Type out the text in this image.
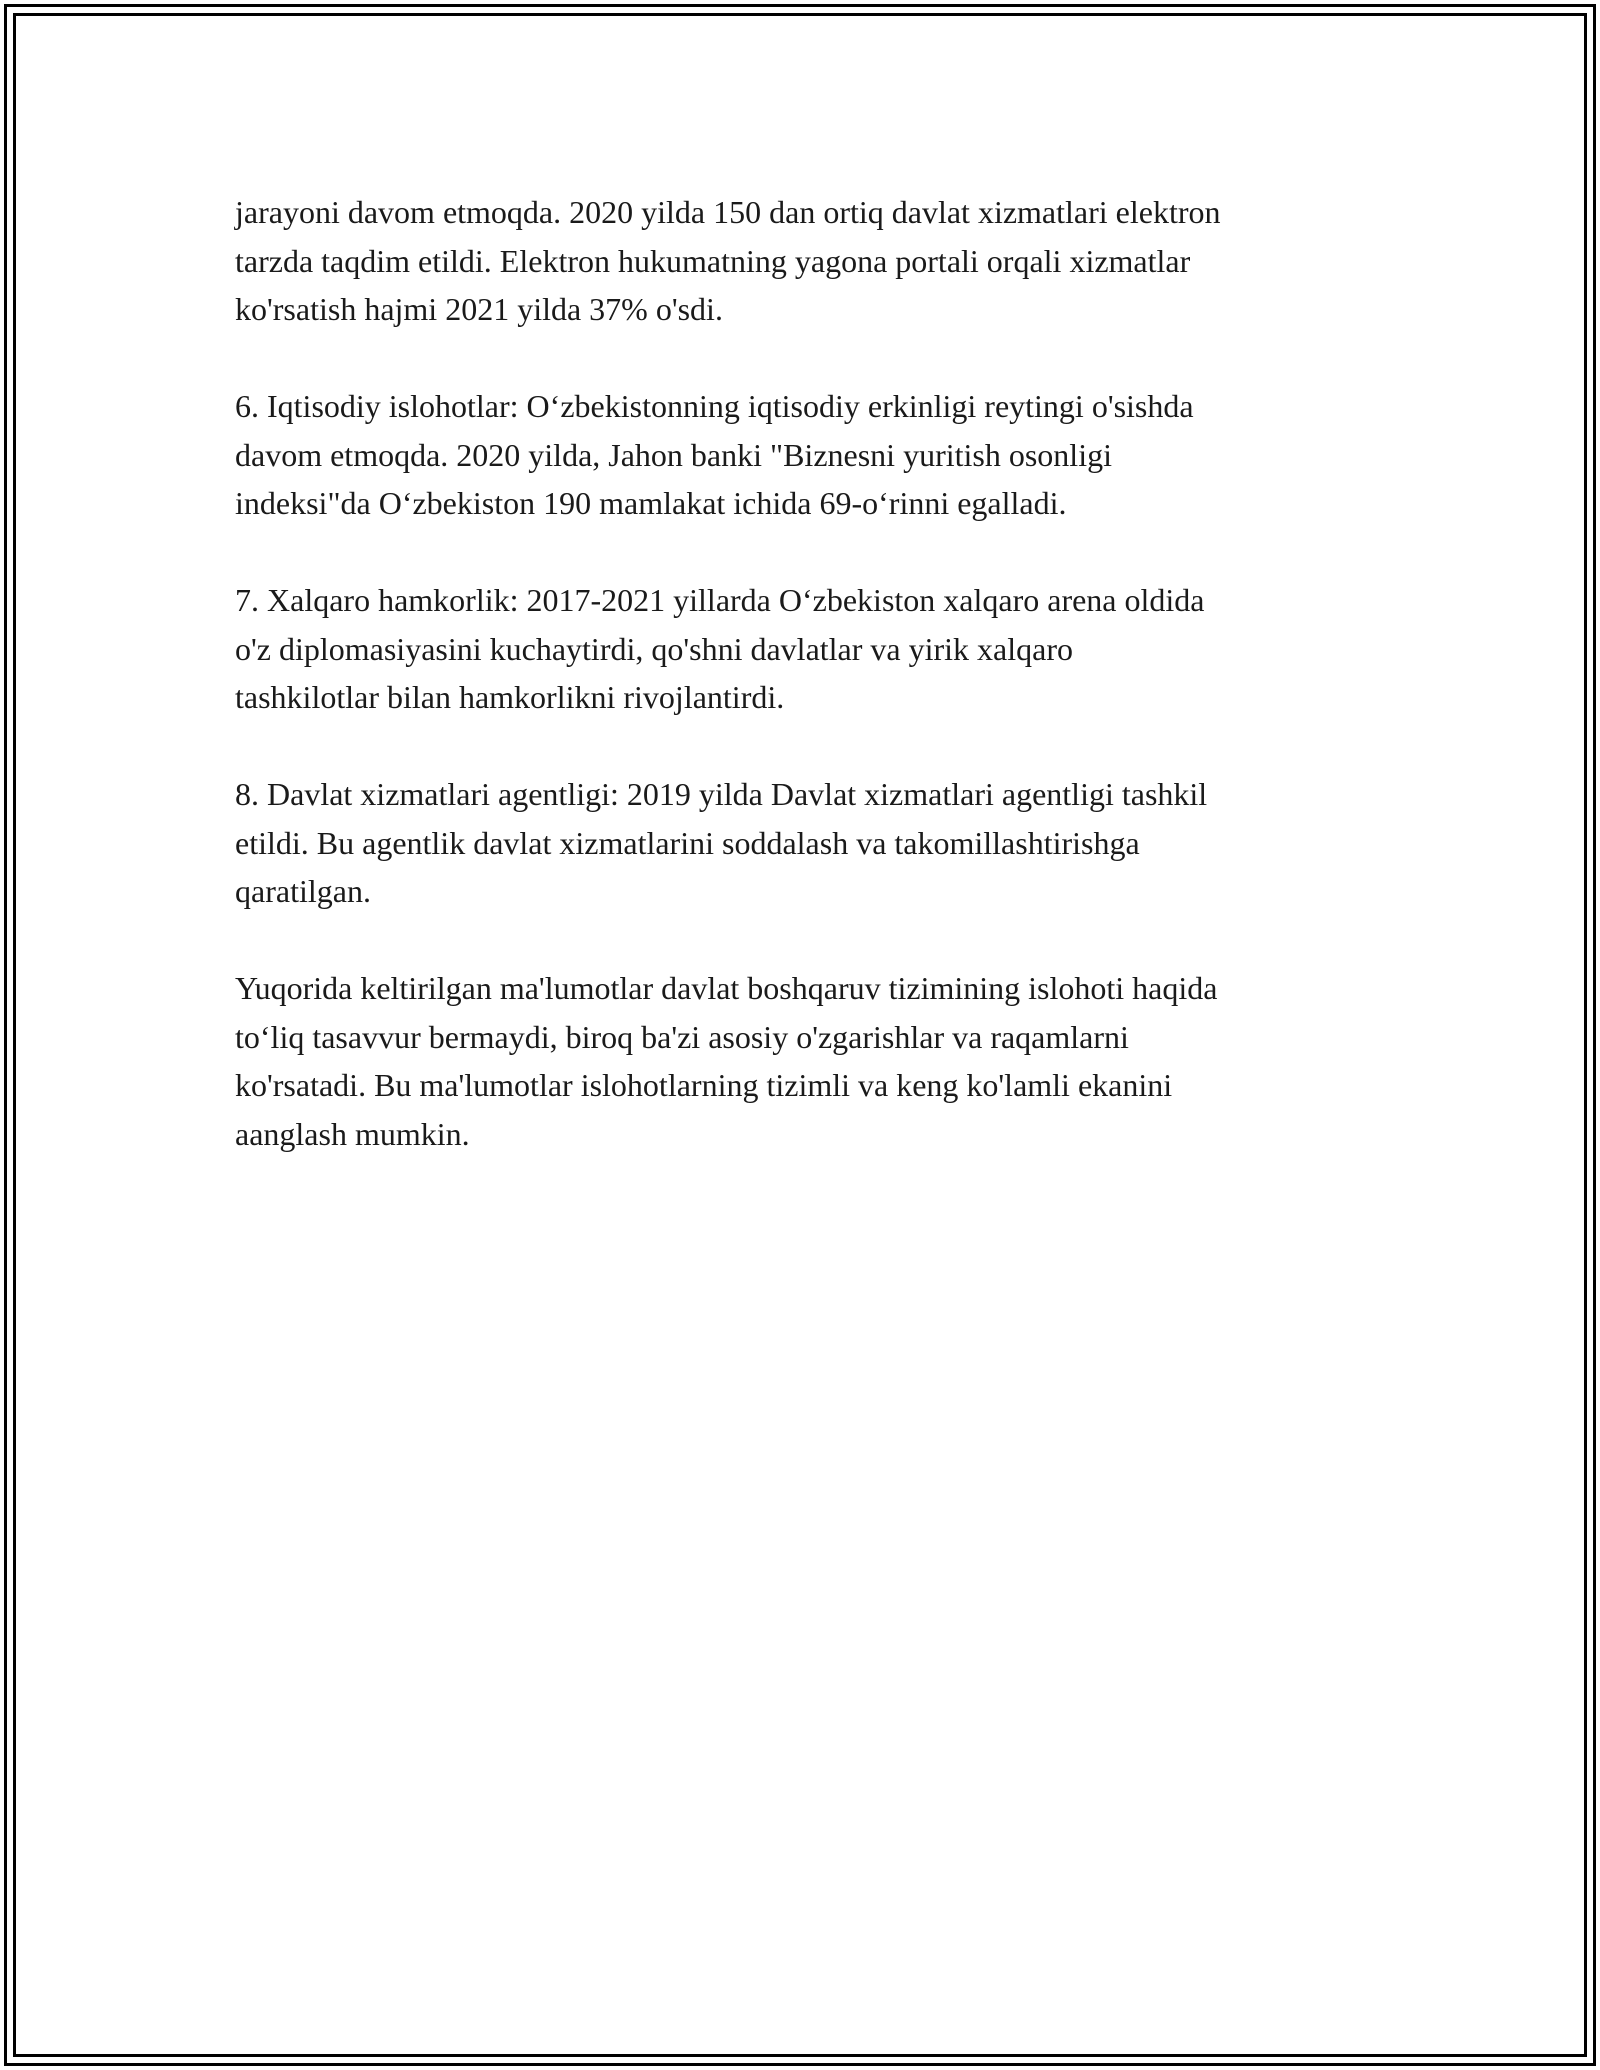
jarayoni davom etmoqda. 2020 yilda 150 dan ortiq davlat xizmatlari elektron
tarzda taqdim etildi. Elektron hukumatning yagona portali orqali xizmatlar
ko'rsatish hajmi 2021 yilda 37% o'sdi.

6. Iqtisodiy islohotlar: O‘zbekistonning iqtisodiy erkinligi reytingi o'sishda
davom etmoqda. 2020 yilda, Jahon banki "Biznesni yuritish osonligi
indeksi"da O‘zbekiston 190 mamlakat ichida 69-o‘rinni egalladi.

7. Xalqaro hamkorlik: 2017-2021 yillarda O‘zbekiston xalqaro arena oldida
o'z diplomasiyasini kuchaytirdi, qo'shni davlatlar va yirik xalqaro
tashkilotlar bilan hamkorlikni rivojlantirdi.

8. Davlat xizmatlari agentligi: 2019 yilda Davlat xizmatlari agentligi tashkil
etildi. Bu agentlik davlat xizmatlarini soddalash va takomillashtirishga
qaratilgan.

Yuqorida keltirilgan ma'lumotlar davlat boshqaruv tizimining islohoti haqida
to‘liq tasavvur bermaydi, biroq ba'zi asosiy o'zgarishlar va raqamlarni
ko'rsatadi. Bu ma'lumotlar islohotlarning tizimli va keng ko'lamli ekanini
aanglash mumkin.
